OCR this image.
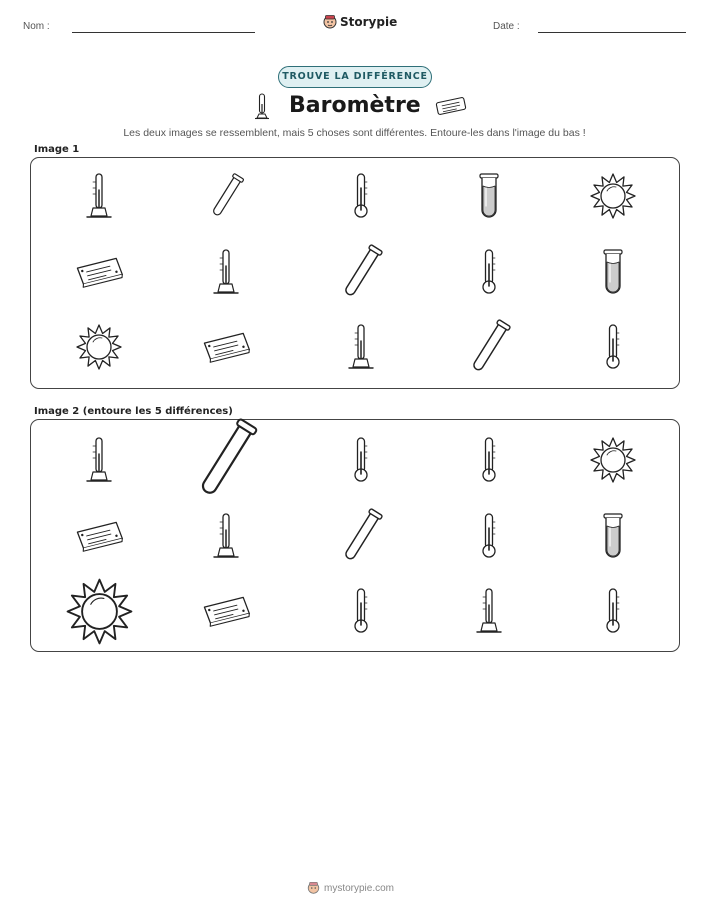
Nom :	Storypie	Date :
TROUVE LA DIFFÉRENCE
Baromètre
Les deux images se ressemblent, mais 5 choses sont différentes. Entoure-les dans l'image du bas !
Image 1
Image 2 (entoure les 5 différences)
mystorypie.com
